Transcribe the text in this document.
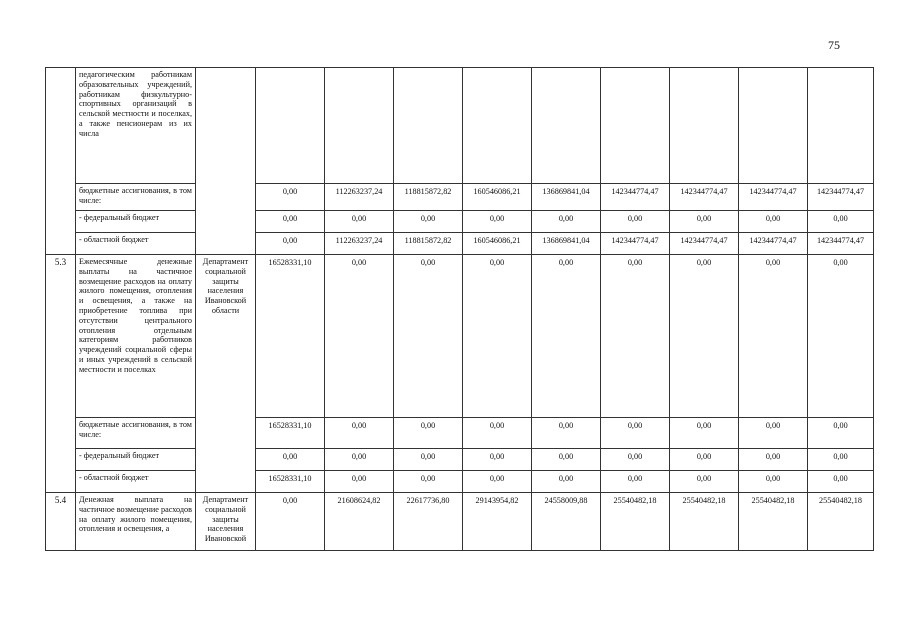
75
	педагогическим работникам образовательных учреждений, работникам физкультурно-спортивных организаций в сельской местности и поселках, а также пенсионерам из их числа										
	бюджетные ассигнования, в том числе:		0,00	112263237,24	118815872,82	160546086,21	136869841,04	142344774,47	142344774,47	142344774,47	142344774,47
	- федеральный бюджет		0,00	0,00	0,00	0,00	0,00	0,00	0,00	0,00	0,00
	- областной бюджет		0,00	112263237,24	118815872,82	160546086,21	136869841,04	142344774,47	142344774,47	142344774,47	142344774,47
5.3	Ежемесячные денежные выплаты на частичное возмещение расходов на оплату жилого помещения, отопления и освещения, а также на приобретение топлива при отсутствии центрального отопления отдельным категориям работников учреждений социальной сферы и иных учреждений в сельской местности и поселках	Департамент социальной защиты населения Ивановской области	16528331,10	0,00	0,00	0,00	0,00	0,00	0,00	0,00	0,00
	бюджетные ассигнования, в том числе:		16528331,10	0,00	0,00	0,00	0,00	0,00	0,00	0,00	0,00
	- федеральный бюджет		0,00	0,00	0,00	0,00	0,00	0,00	0,00	0,00	0,00
	- областной бюджет		16528331,10	0,00	0,00	0,00	0,00	0,00	0,00	0,00	0,00
5.4	Денежная выплата на частичное возмещение расходов на оплату жилого помещения, отопления и освещения, а	Департамент социальной защиты населения Ивановской	0,00	21608624,82	22617736,80	29143954,82	24558009,88	25540482,18	25540482,18	25540482,18	25540482,18
